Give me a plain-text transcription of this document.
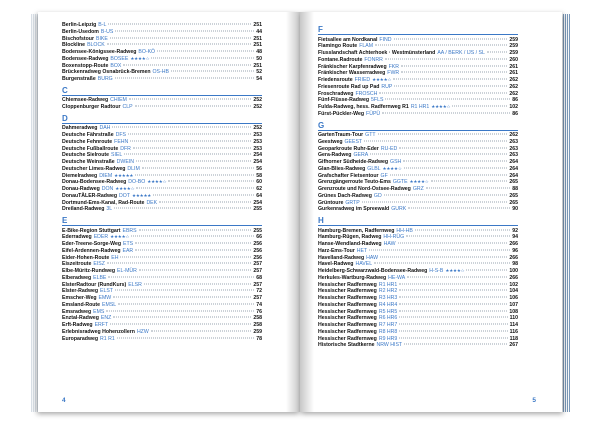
Berlin-Leipzig B-L	251
Berlin-Usedom B-US	44
Bischofstour BIKE	251
Blockline BLOCK	251
Bodensee-Königssee-Radweg BO-KÖ	48
Bodensee-Radweg BOSEE ★★★★☆	50
Boxenstopp-Route BOX	251
Brückenradweg Osnabrück-Bremen OS-HB	52
Burgenstraße BURG	54
C
Chiemsee-Radweg CHIEM	252
Cloppenburger Radtour CLP	252
D
Dahmeradweg DAH	252
Deutsche Fährstraße DFS	253
Deutsche Fehnroute FEHN	253
Deutsche Fußballroute DFR	253
Deutsche Sielroute SIEL	254
Deutsche Weinstraße DWEIN	254
Deutscher Limes-Radweg DLIM	56
Diemelradweg DIEM ★★★★★	58
Donau-Bodensee-Radweg DO-BO ★★★★☆	60
Donau-Radweg DON ★★★★☆	62
DonauTÄLER-Radweg DOT ★★★★★	64
Dortmund-Ems-Kanal, Rad-Route DEK	254
Dreiland-Radweg 3L	255
E
E-Bike-Region Stuttgart EBRS	255
Ederradweg EDER ★★★★☆	66
Eder-Treene-Sorge-Weg ETS	256
Eifel-Ardennen-Radweg EAR	256
Eider-Hohen-Route EH	256
Eiszeitroute EISZ	257
Elbe-Müritz-Rundweg EL-MÜR	257
Elberadweg ELBE	68
ElsterRadtour (RundKurs) ELSR	257
Elster-Radweg ELST	72
Emscher-Weg EMW	257
Emsland-Route EMSL	74
Emsradweg EMS	76
Enztal-Radweg ENZ	258
Erft-Radweg ERFT	258
Erlebnisradweg Hohenzollern HZW	259
Europaradweg R1 R1	78
4
F
Fietsallee am Nordkanal FIND	259
Flamingo Route FLAM	259
Flusslandschaft Achterhoek · Westmünsterland AA / BERK / IJS / SL	259
Fontane.Radroute FONRR	260
Fränkischer Karpfenradweg FKR	261
Fränkischer Wasserradweg FWR	261
Friedensroute FRIED ★★★★☆	262
Friesenroute Rad up Pad RUP	262
Froschradweg FROSCH	262
Fünf-Flüsse-Radweg 5FLS	86
Fulda-Radweg, hess. Radfernweg R1 R1 HR1 ★★★★☆	102
Fürst-Pückler-Weg FÜPÜ	86
G
GartenTraum-Tour GTT	262
Geestweg GEEST	263
Geoparkroute Ruhr-Eder RU-ED	263
Gera-Radweg GERA	263
Gifhorner Südheide-Radweg GSH	264
Glan-Blies-Radweg GLBL ★★★★☆	264
Grafschafter Fietsentour GF	264
Grenzgängerroute Teuto-Ems GGTE ★★★★☆	265
Grenzroute und Nord-Ostsee-Radweg GRZ	88
Grünes Dach-Radweg GD	265
Grüntoure GRTP	265
Gurkenradweg im Spreewald GURK	90
H
Hamburg-Bremen, Radfernweg HH-HB	92
Hamburg-Rügen, Radweg HH-RÜG	94
Hanse-Wendland-Radweg HAW	266
Harz-Ems-Tour HET	96
Havelland-Radweg HAW	266
Havel-Radweg HAVEL	98
Heidelberg-Schwarzwald-Bodensee-Radweg H-S-B ★★★★☆	100
Herkules-Wartburg-Radweg HE-WA	266
Hessischer Radfernweg R1 HR1	102
Hessischer Radfernweg R2 HR2	104
Hessischer Radfernweg R3 HR3	106
Hessischer Radfernweg R4 HR4	107
Hessischer Radfernweg R5 HR5	108
Hessischer Radfernweg R6 HR6	110
Hessischer Radfernweg R7 HR7	114
Hessischer Radfernweg R8 HR8	116
Hessischer Radfernweg R9 HR9	118
Historische Stadtkerne NRW HIST	267
5
